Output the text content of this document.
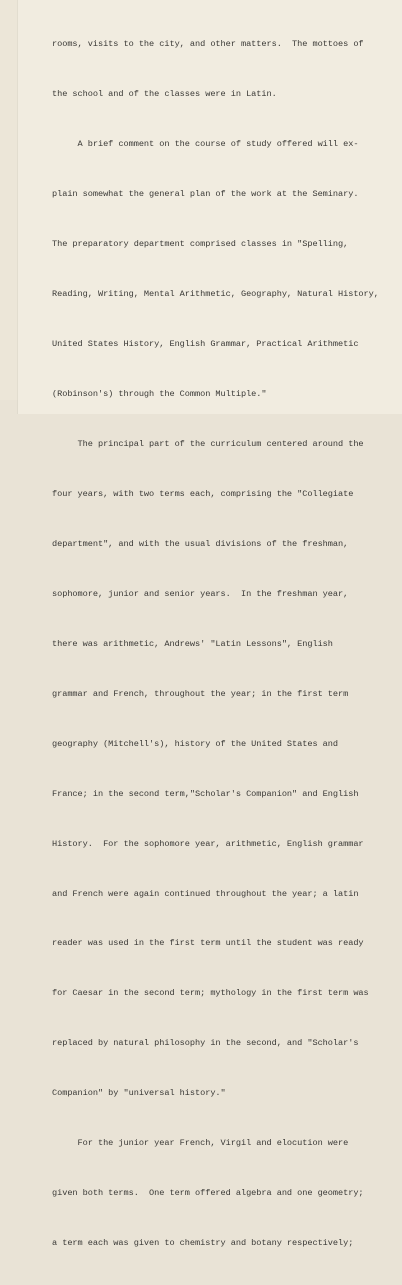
rooms, visits to the city, and other matters.  The mottoes of

the school and of the classes were in Latin.

A brief comment on the course of study offered will ex-

plain somewhat the general plan of the work at the Seminary.

The preparatory department comprised classes in "Spelling,

Reading, Writing, Mental Arithmetic, Geography, Natural History,

United States History, English Grammar, Practical Arithmetic

(Robinson's) through the Common Multiple."

The principal part of the curriculum centered around the

four years, with two terms each, comprising the "Collegiate

department", and with the usual divisions of the freshman,

sophomore, junior and senior years.  In the freshman year,

there was arithmetic, Andrews' "Latin Lessons", English

grammar and French, throughout the year; in the first term

geography (Mitchell's), history of the United States and

France; in the second term,"Scholar's Companion" and English

History.  For the sophomore year, arithmetic, English grammar

and French were again continued throughout the year; a latin

reader was used in the first term until the student was ready

for Caesar in the second term; mythology in the first term was

replaced by natural philosophy in the second, and "Scholar's

Companion" by "universal history."

For the junior year French, Virgil and elocution were

given both terms.  One term offered algebra and one geometry;

a term each was given to chemistry and botany respectively;
